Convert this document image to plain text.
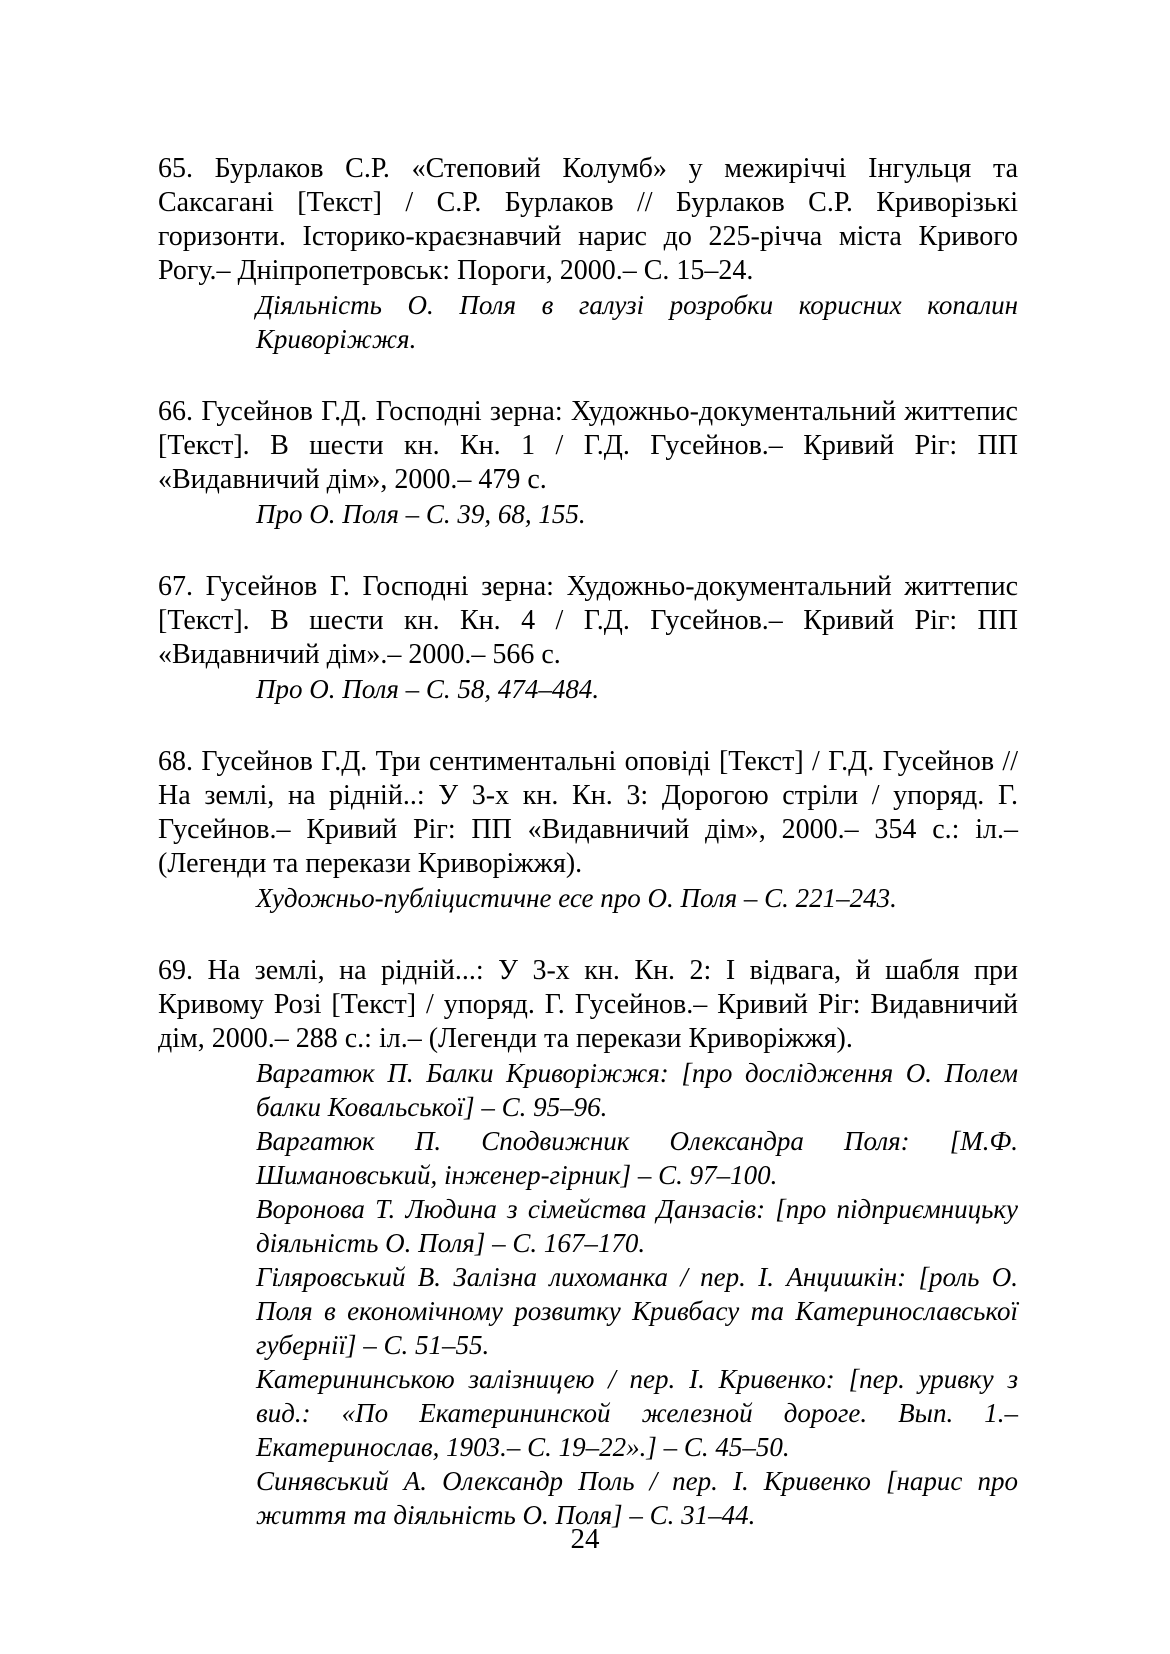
65. Бурлаков С.Р. «Степовий Колумб» у межиріччі Інгульця та Саксагані [Текст] / С.Р. Бурлаков // Бурлаков С.Р. Криворізькі горизонти. Історико-краєзнавчий нарис до 225-річча міста Кривого Рогу.– Дніпропетровськ: Пороги, 2000.– С. 15–24.

Діяльність О. Поля в галузі розробки корисних копалин Криворіжжя.

66. Гусейнов Г.Д. Господні зерна: Художньо-документальний життепис [Текст]. В шести кн. Кн. 1 / Г.Д. Гусейнов.– Кривий Ріг: ПП «Видавничий дім», 2000.– 479 с.

Про О. Поля – С. 39, 68, 155.

67. Гусейнов Г. Господні зерна: Художньо-документальний життепис [Текст]. В шести кн. Кн. 4 / Г.Д. Гусейнов.– Кривий Ріг: ПП «Видавничий дім».– 2000.– 566 с.

Про О. Поля – С. 58, 474–484.

68. Гусейнов Г.Д. Три сентиментальні оповіді [Текст] / Г.Д. Гусейнов // На землі, на рідній..: У 3-х кн. Кн. 3: Дорогою стріли / упоряд. Г. Гусейнов.– Кривий Ріг: ПП «Видавничий дім», 2000.– 354 с.: іл.– (Легенди та перекази Криворіжжя).

Художньо-публіцистичне есе про О. Поля – С. 221–243.

69. На землі, на рідній...: У 3-х кн. Кн. 2: І відвага, й шабля при Кривому Розі [Текст] / упоряд. Г. Гусейнов.– Кривий Ріг: Видавничий дім, 2000.– 288 с.: іл.– (Легенди та перекази Криворіжжя).

Варгатюк П. Балки Криворіжжя: [про дослідження О. Полем балки Ковальської] – С. 95–96.

Варгатюк П. Сподвижник Олександра Поля: [М.Ф. Шимановський, інженер-гірник] – С. 97–100.

Воронова Т. Людина з сімейства Данзасів: [про підприємницьку діяльність О. Поля] – С. 167–170.

Гіляровський В. Залізна лихоманка / пер. І. Анцишкін: [роль О. Поля в економічному розвитку Кривбасу та Катеринославської губернії] – С. 51–55.

Катерининською залізницею / пер. І. Кривенко: [пер. уривку з вид.: «По Екатерининской железной дороге. Вып. 1.– Екатеринослав, 1903.– С. 19–22».] – С. 45–50.

Синявський А. Олександр Поль / пер. І. Кривенко [нарис про життя та діяльність О. Поля] – С. 31–44.

24
